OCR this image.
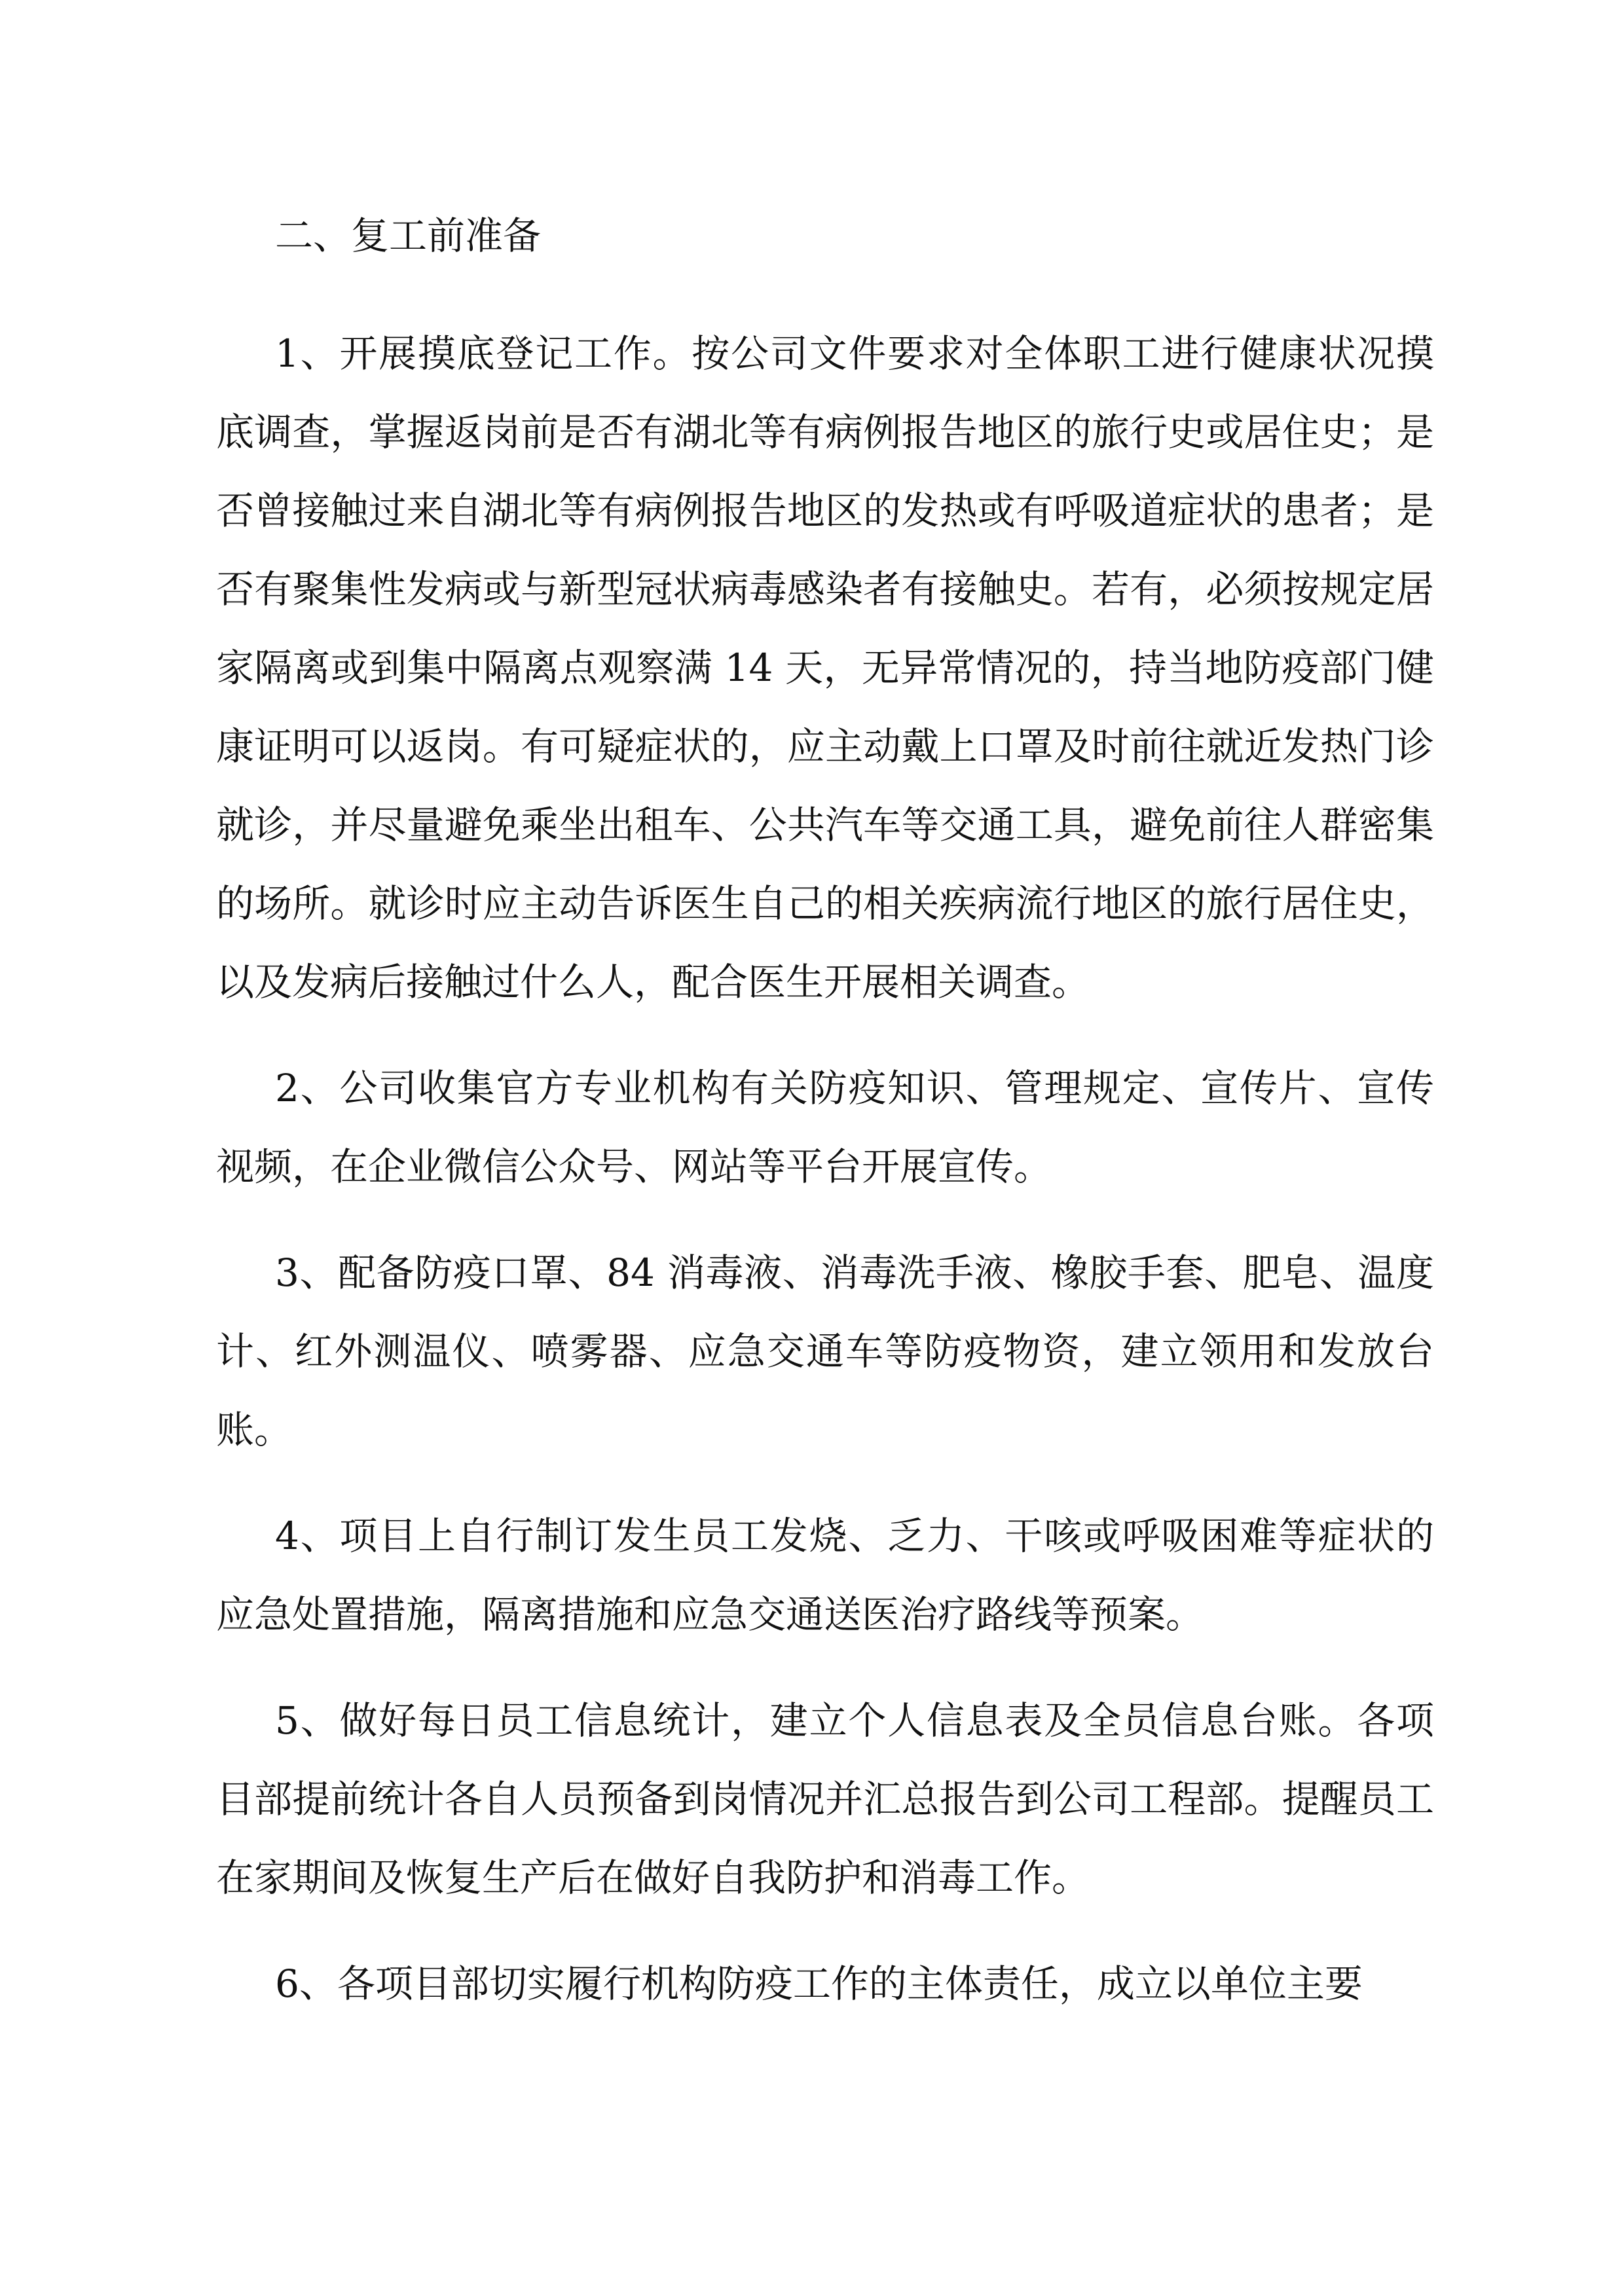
二、复工前准备

1、开展摸底登记工作。按公司文件要求对全体职工进行健康状况摸底调查，掌握返岗前是否有湖北等有病例报告地区的旅行史或居住史；是否曾接触过来自湖北等有病例报告地区的发热或有呼吸道症状的患者；是否有聚集性发病或与新型冠状病毒感染者有接触史。若有，必须按规定居家隔离或到集中隔离点观察满 14 天，无异常情况的，持当地防疫部门健康证明可以返岗。有可疑症状的，应主动戴上口罩及时前往就近发热门诊就诊，并尽量避免乘坐出租车、公共汽车等交通工具，避免前往人群密集的场所。就诊时应主动告诉医生自己的相关疾病流行地区的旅行居住史，以及发病后接触过什么人，配合医生开展相关调查。

2、公司收集官方专业机构有关防疫知识、管理规定、宣传片、宣传视频，在企业微信公众号、网站等平台开展宣传。

3、配备防疫口罩、84 消毒液、消毒洗手液、橡胶手套、肥皂、温度计、红外测温仪、喷雾器、应急交通车等防疫物资，建立领用和发放台账。

4、项目上自行制订发生员工发烧、乏力、干咳或呼吸困难等症状的应急处置措施，隔离措施和应急交通送医治疗路线等预案。

5、做好每日员工信息统计，建立个人信息表及全员信息台账。各项目部提前统计各自人员预备到岗情况并汇总报告到公司工程部。提醒员工在家期间及恢复生产后在做好自我防护和消毒工作。

6、各项目部切实履行机构防疫工作的主体责任，成立以单位主要
